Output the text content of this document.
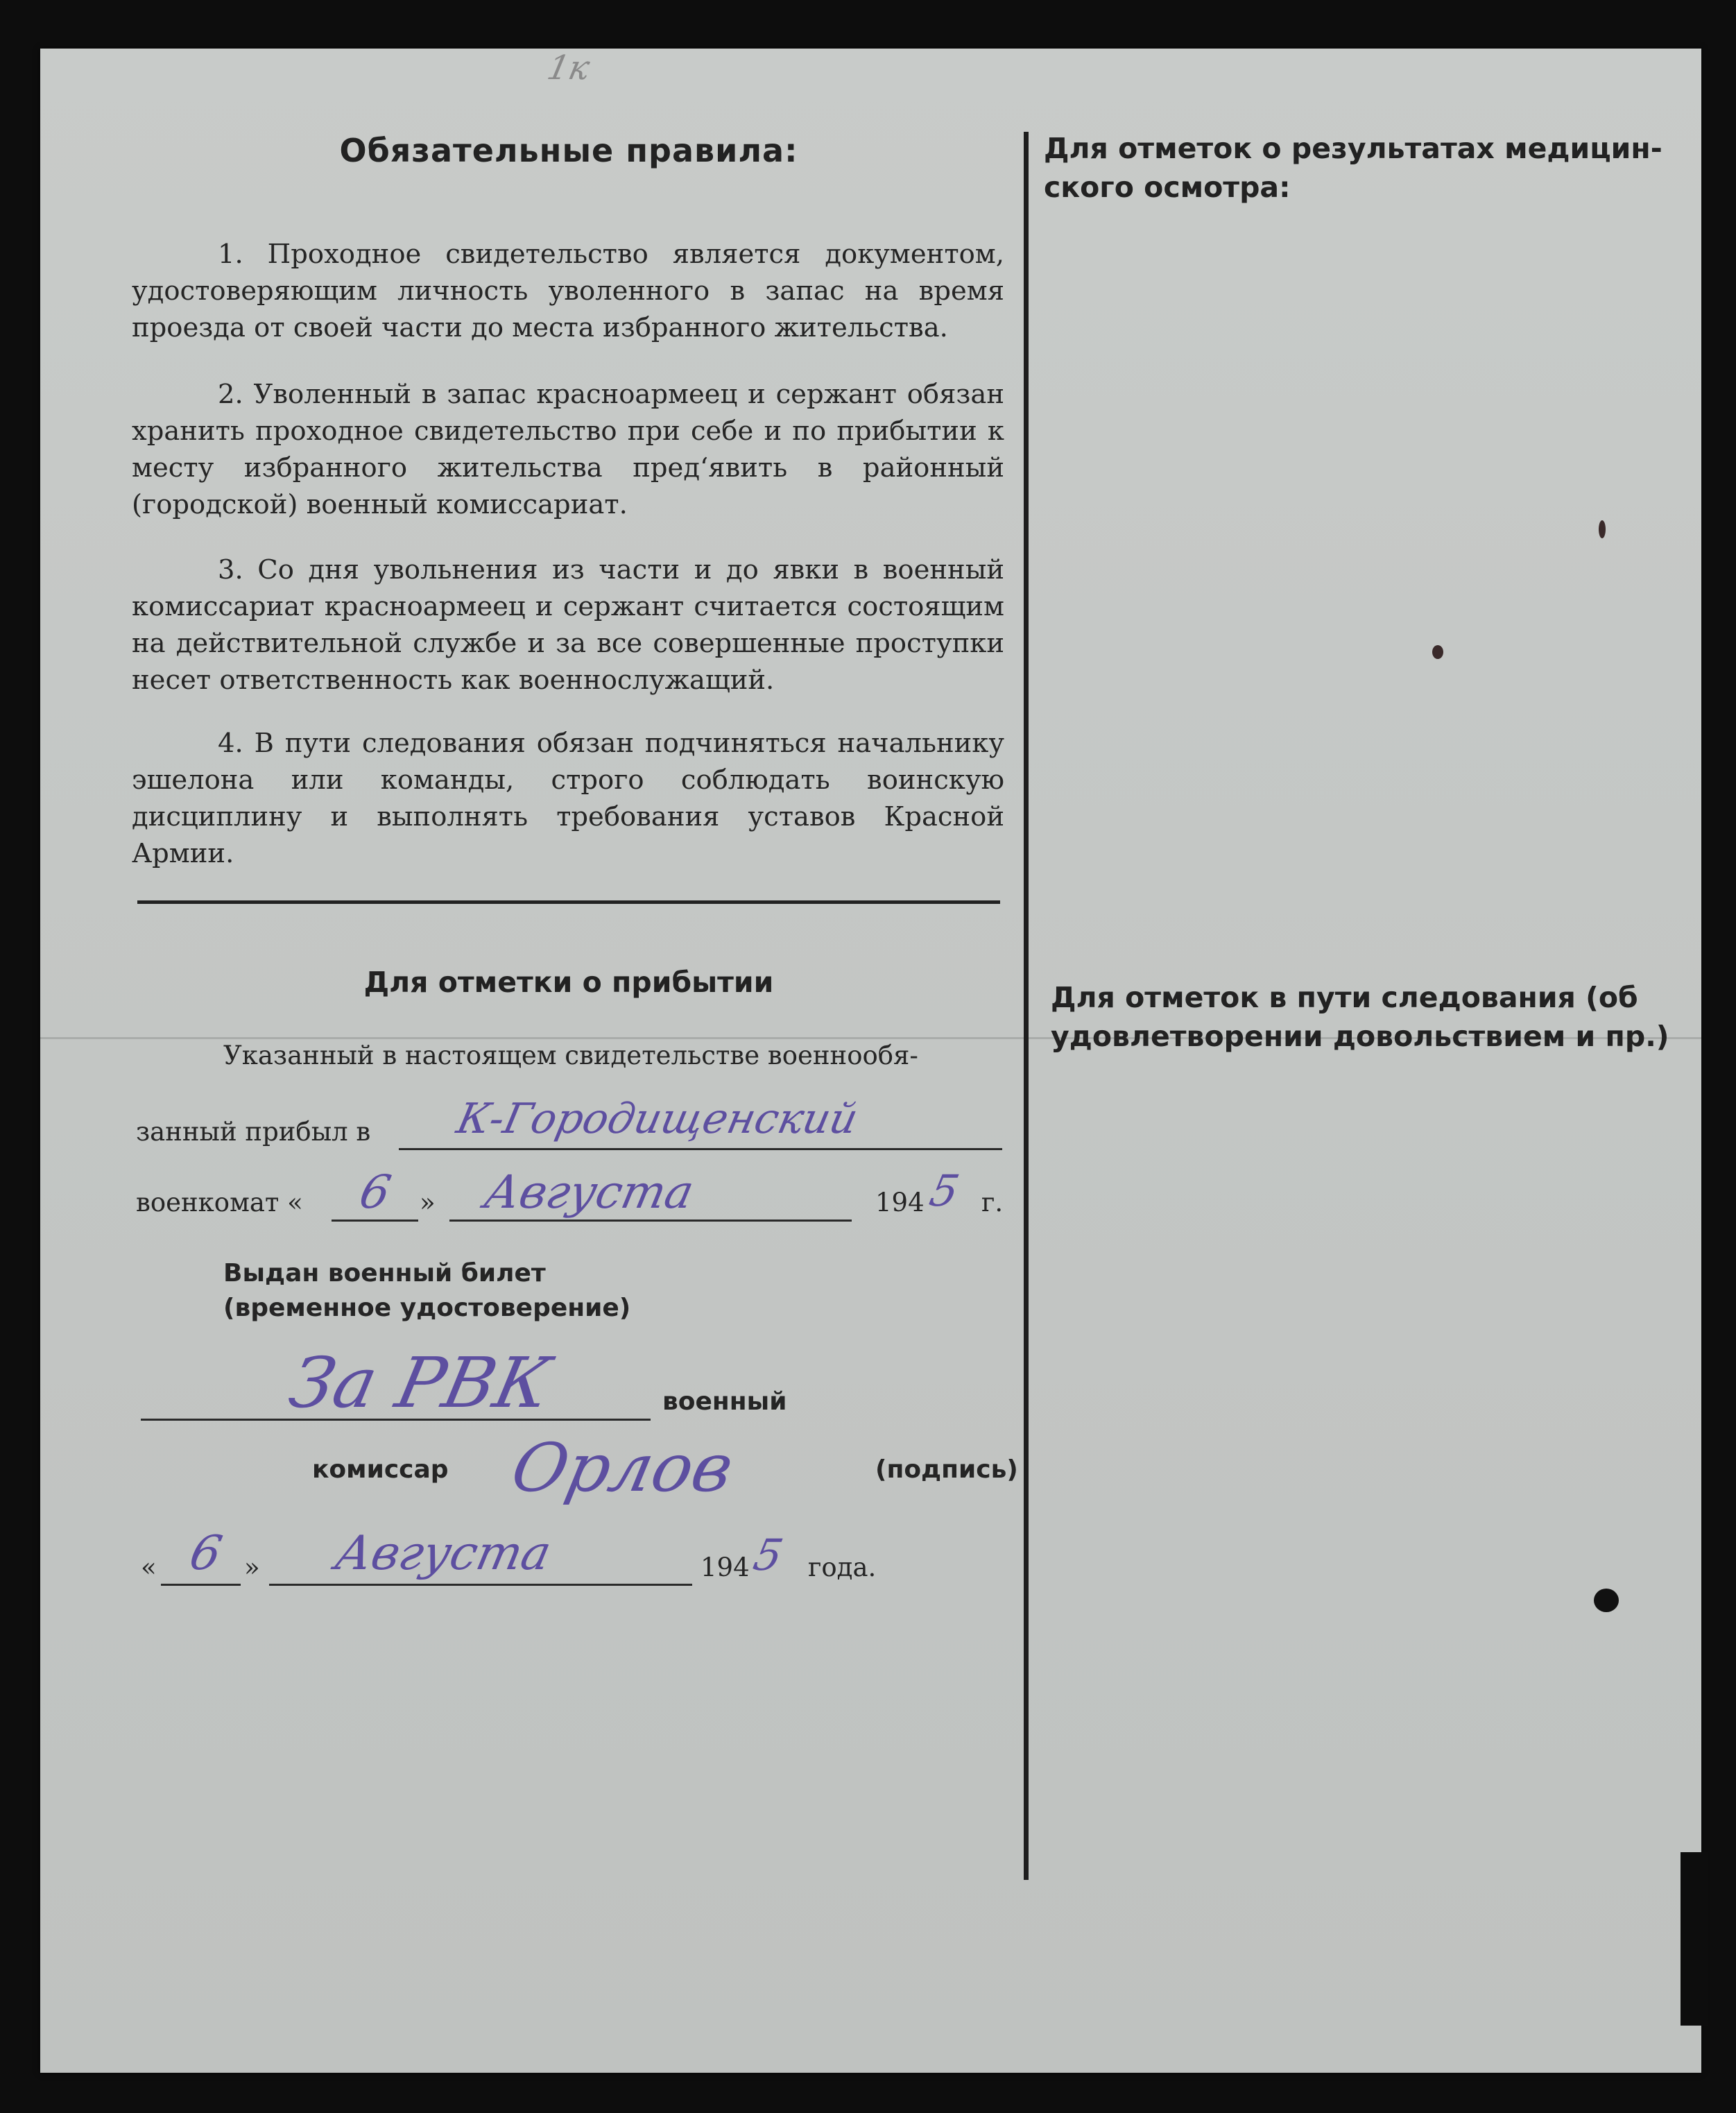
1к
Обязательные правила:
1. Проходное свидетельство является документом, удостоверяющим личность уволенного в запас на время проезда от своей части до места избранного жительства.
2. Уволенный в запас красноармеец и сержант обязан хранить проходное свидетельство при себе и по прибытии к месту избранного жительства пред‘явить в районный (городской) военный комиссариат.
3. Со дня увольнения из части и до явки в военный комиссариат красноармеец и сержант считается состоящим на действительной службе и за все совершенные проступки несет ответственность как военнослужащий.
4. В пути следования обязан подчиняться начальнику эшелона или команды, строго соблюдать воинскую дисциплину и выполнять требования уставов Красной Армии.
Для отметок о результатах медицин-
ского осмотра:
Для отметок в пути следования (об
удовлетворении довольствием и пр.)
Для отметки о прибытии
Указанный в настоящем свидетельстве военнообя-
занный прибыл в К-Городищенский
военкомат « 6 » Августа	194 5 г.
Выдан военный билет
(временное удостоверение)
За РВК	военный
комиссар Орлов	(подпись)
« 6 » Августа	194 5 года.
